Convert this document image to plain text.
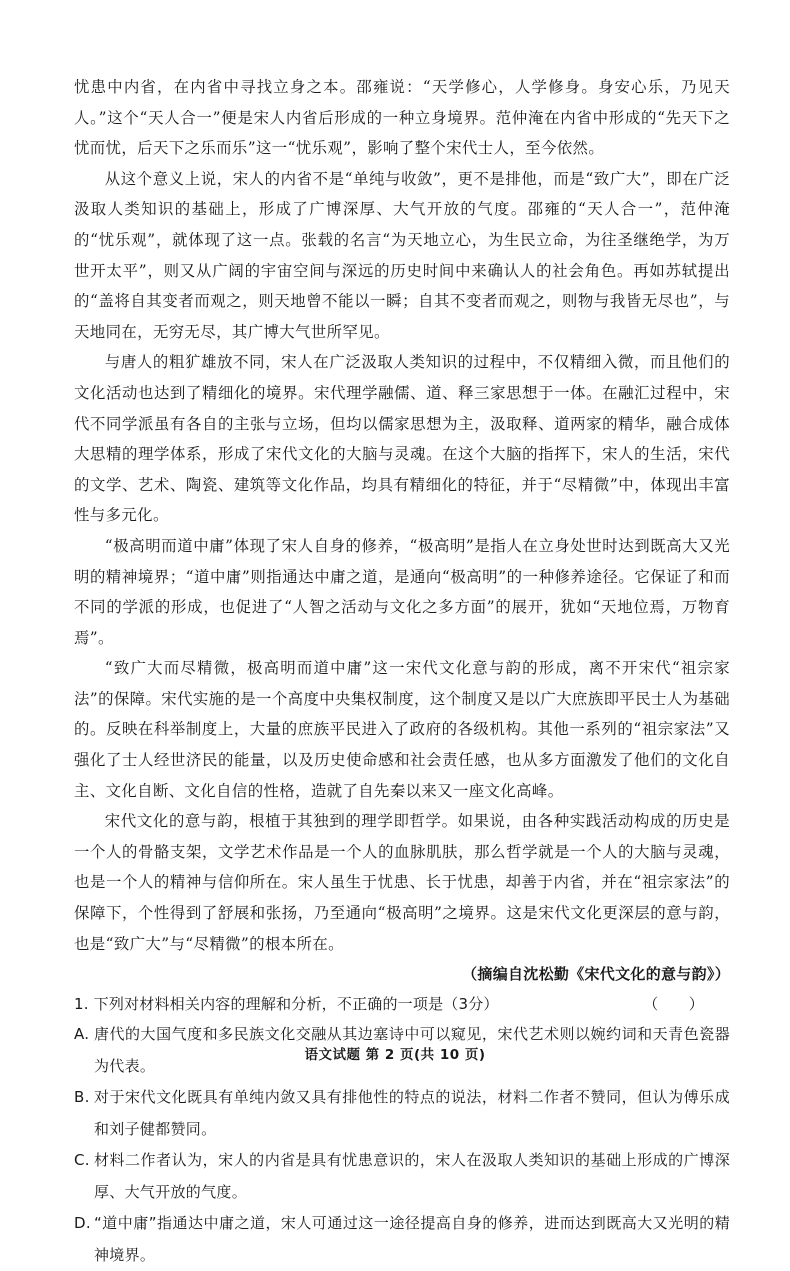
忧患中内省，在内省中寻找立身之本。邵雍说：“天学修心，人学修身。身安心乐，乃见天人。”这个“天人合一”便是宋人内省后形成的一种立身境界。范仲淹在内省中形成的“先天下之忧而忧，后天下之乐而乐”这一“忧乐观”，影响了整个宋代士人，至今依然。

从这个意义上说，宋人的内省不是“单纯与收敛”，更不是排他，而是“致广大”，即在广泛汲取人类知识的基础上，形成了广博深厚、大气开放的气度。邵雍的“天人合一”，范仲淹的“忧乐观”，就体现了这一点。张载的名言“为天地立心，为生民立命，为往圣继绝学，为万世开太平”，则又从广阔的宇宙空间与深远的历史时间中来确认人的社会角色。再如苏轼提出的“盖将自其变者而观之，则天地曾不能以一瞬；自其不变者而观之，则物与我皆无尽也”，与天地同在，无穷无尽，其广博大气世所罕见。

与唐人的粗犷雄放不同，宋人在广泛汲取人类知识的过程中，不仅精细入微，而且他们的文化活动也达到了精细化的境界。宋代理学融儒、道、释三家思想于一体。在融汇过程中，宋代不同学派虽有各自的主张与立场，但均以儒家思想为主，汲取释、道两家的精华，融合成体大思精的理学体系，形成了宋代文化的大脑与灵魂。在这个大脑的指挥下，宋人的生活，宋代的文学、艺术、陶瓷、建筑等文化作品，均具有精细化的特征，并于“尽精微”中，体现出丰富性与多元化。

“极高明而道中庸”体现了宋人自身的修养，“极高明”是指人在立身处世时达到既高大又光明的精神境界；“道中庸”则指通达中庸之道，是通向“极高明”的一种修养途径。它保证了和而不同的学派的形成，也促进了“人智之活动与文化之多方面”的展开，犹如“天地位焉，万物育焉”。

“致广大而尽精微，极高明而道中庸”这一宋代文化意与韵的形成，离不开宋代“祖宗家法”的保障。宋代实施的是一个高度中央集权制度，这个制度又是以广大庶族即平民士人为基础的。反映在科举制度上，大量的庶族平民进入了政府的各级机构。其他一系列的“祖宗家法”又强化了士人经世济民的能量，以及历史使命感和社会责任感，也从多方面激发了他们的文化自主、文化自断、文化自信的性格，造就了自先秦以来又一座文化高峰。

宋代文化的意与韵，根植于其独到的理学即哲学。如果说，由各种实践活动构成的历史是一个人的骨骼支架，文学艺术作品是一个人的血脉肌肤，那么哲学就是一个人的大脑与灵魂，也是一个人的精神与信仰所在。宋人虽生于忧患、长于忧患，却善于内省，并在“祖宗家法”的保障下，个性得到了舒展和张扬，乃至通向“极高明”之境界。这是宋代文化更深层的意与韵，也是“致广大”与“尽精微”的根本所在。

（摘编自沈松勤《宋代文化的意与韵》）

1. 下列对材料相关内容的理解和分析，不正确的一项是（3分）	（　　）
A. 唐代的大国气度和多民族文化交融从其边塞诗中可以窥见，宋代艺术则以婉约词和天青色瓷器为代表。
B. 对于宋代文化既具有单纯内敛又具有排他性的特点的说法，材料二作者不赞同，但认为傅乐成和刘子健都赞同。
C. 材料二作者认为，宋人的内省是具有忧患意识的，宋人在汲取人类知识的基础上形成的广博深厚、大气开放的气度。
D. “道中庸”指通达中庸之道，宋人可通过这一途径提高自身的修养，进而达到既高大又光明的精神境界。
语文试题 第 2 页(共 10 页)
